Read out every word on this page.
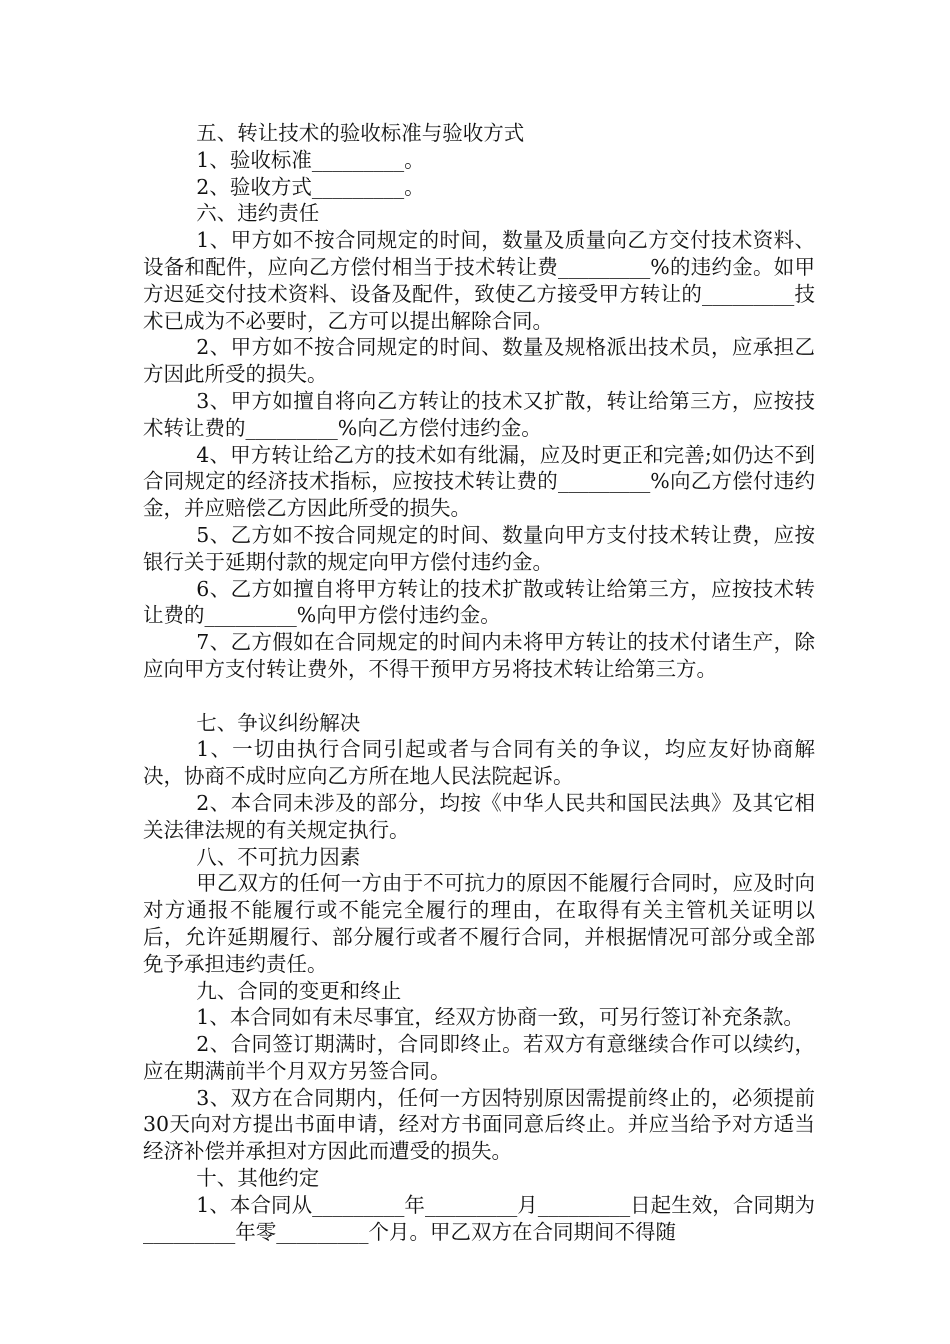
五、转让技术的验收标准与验收方式

1、验收标准_________。

2、验收方式_________。

六、违约责任

1、甲方如不按合同规定的时间，数量及质量向乙方交付技术资料、设备和配件，应向乙方偿付相当于技术转让费_________%的违约金。如甲方迟延交付技术资料、设备及配件，致使乙方接受甲方转让的_________技术已成为不必要时，乙方可以提出解除合同。

2、甲方如不按合同规定的时间、数量及规格派出技术员，应承担乙方因此所受的损失。

3、甲方如擅自将向乙方转让的技术又扩散，转让给第三方，应按技术转让费的_________%向乙方偿付违约金。

4、甲方转让给乙方的技术如有纰漏，应及时更正和完善;如仍达不到合同规定的经济技术指标，应按技术转让费的_________%向乙方偿付违约金，并应赔偿乙方因此所受的损失。

5、乙方如不按合同规定的时间、数量向甲方支付技术转让费，应按银行关于延期付款的规定向甲方偿付违约金。

6、乙方如擅自将甲方转让的技术扩散或转让给第三方，应按技术转让费的_________%向甲方偿付违约金。

7、乙方假如在合同规定的时间内未将甲方转让的技术付诸生产，除应向甲方支付转让费外，不得干预甲方另将技术转让给第三方。

七、争议纠纷解决

1、一切由执行合同引起或者与合同有关的争议，均应友好协商解决，协商不成时应向乙方所在地人民法院起诉。

2、本合同未涉及的部分，均按《中华人民共和国民法典》及其它相关法律法规的有关规定执行。

八、不可抗力因素

甲乙双方的任何一方由于不可抗力的原因不能履行合同时，应及时向对方通报不能履行或不能完全履行的理由，在取得有关主管机关证明以后，允许延期履行、部分履行或者不履行合同，并根据情况可部分或全部免予承担违约责任。

九、合同的变更和终止

1、本合同如有未尽事宜，经双方协商一致，可另行签订补充条款。

2、合同签订期满时，合同即终止。若双方有意继续合作可以续约，应在期满前半个月双方另签合同。

3、双方在合同期内，任何一方因特别原因需提前终止的，必须提前30天向对方提出书面申请，经对方书面同意后终止。并应当给予对方适当经济补偿并承担对方因此而遭受的损失。

十、其他约定

1、本合同从_________年_________月_________日起生效，合同期为_________年零_________个月。甲乙双方在合同期间不得随
